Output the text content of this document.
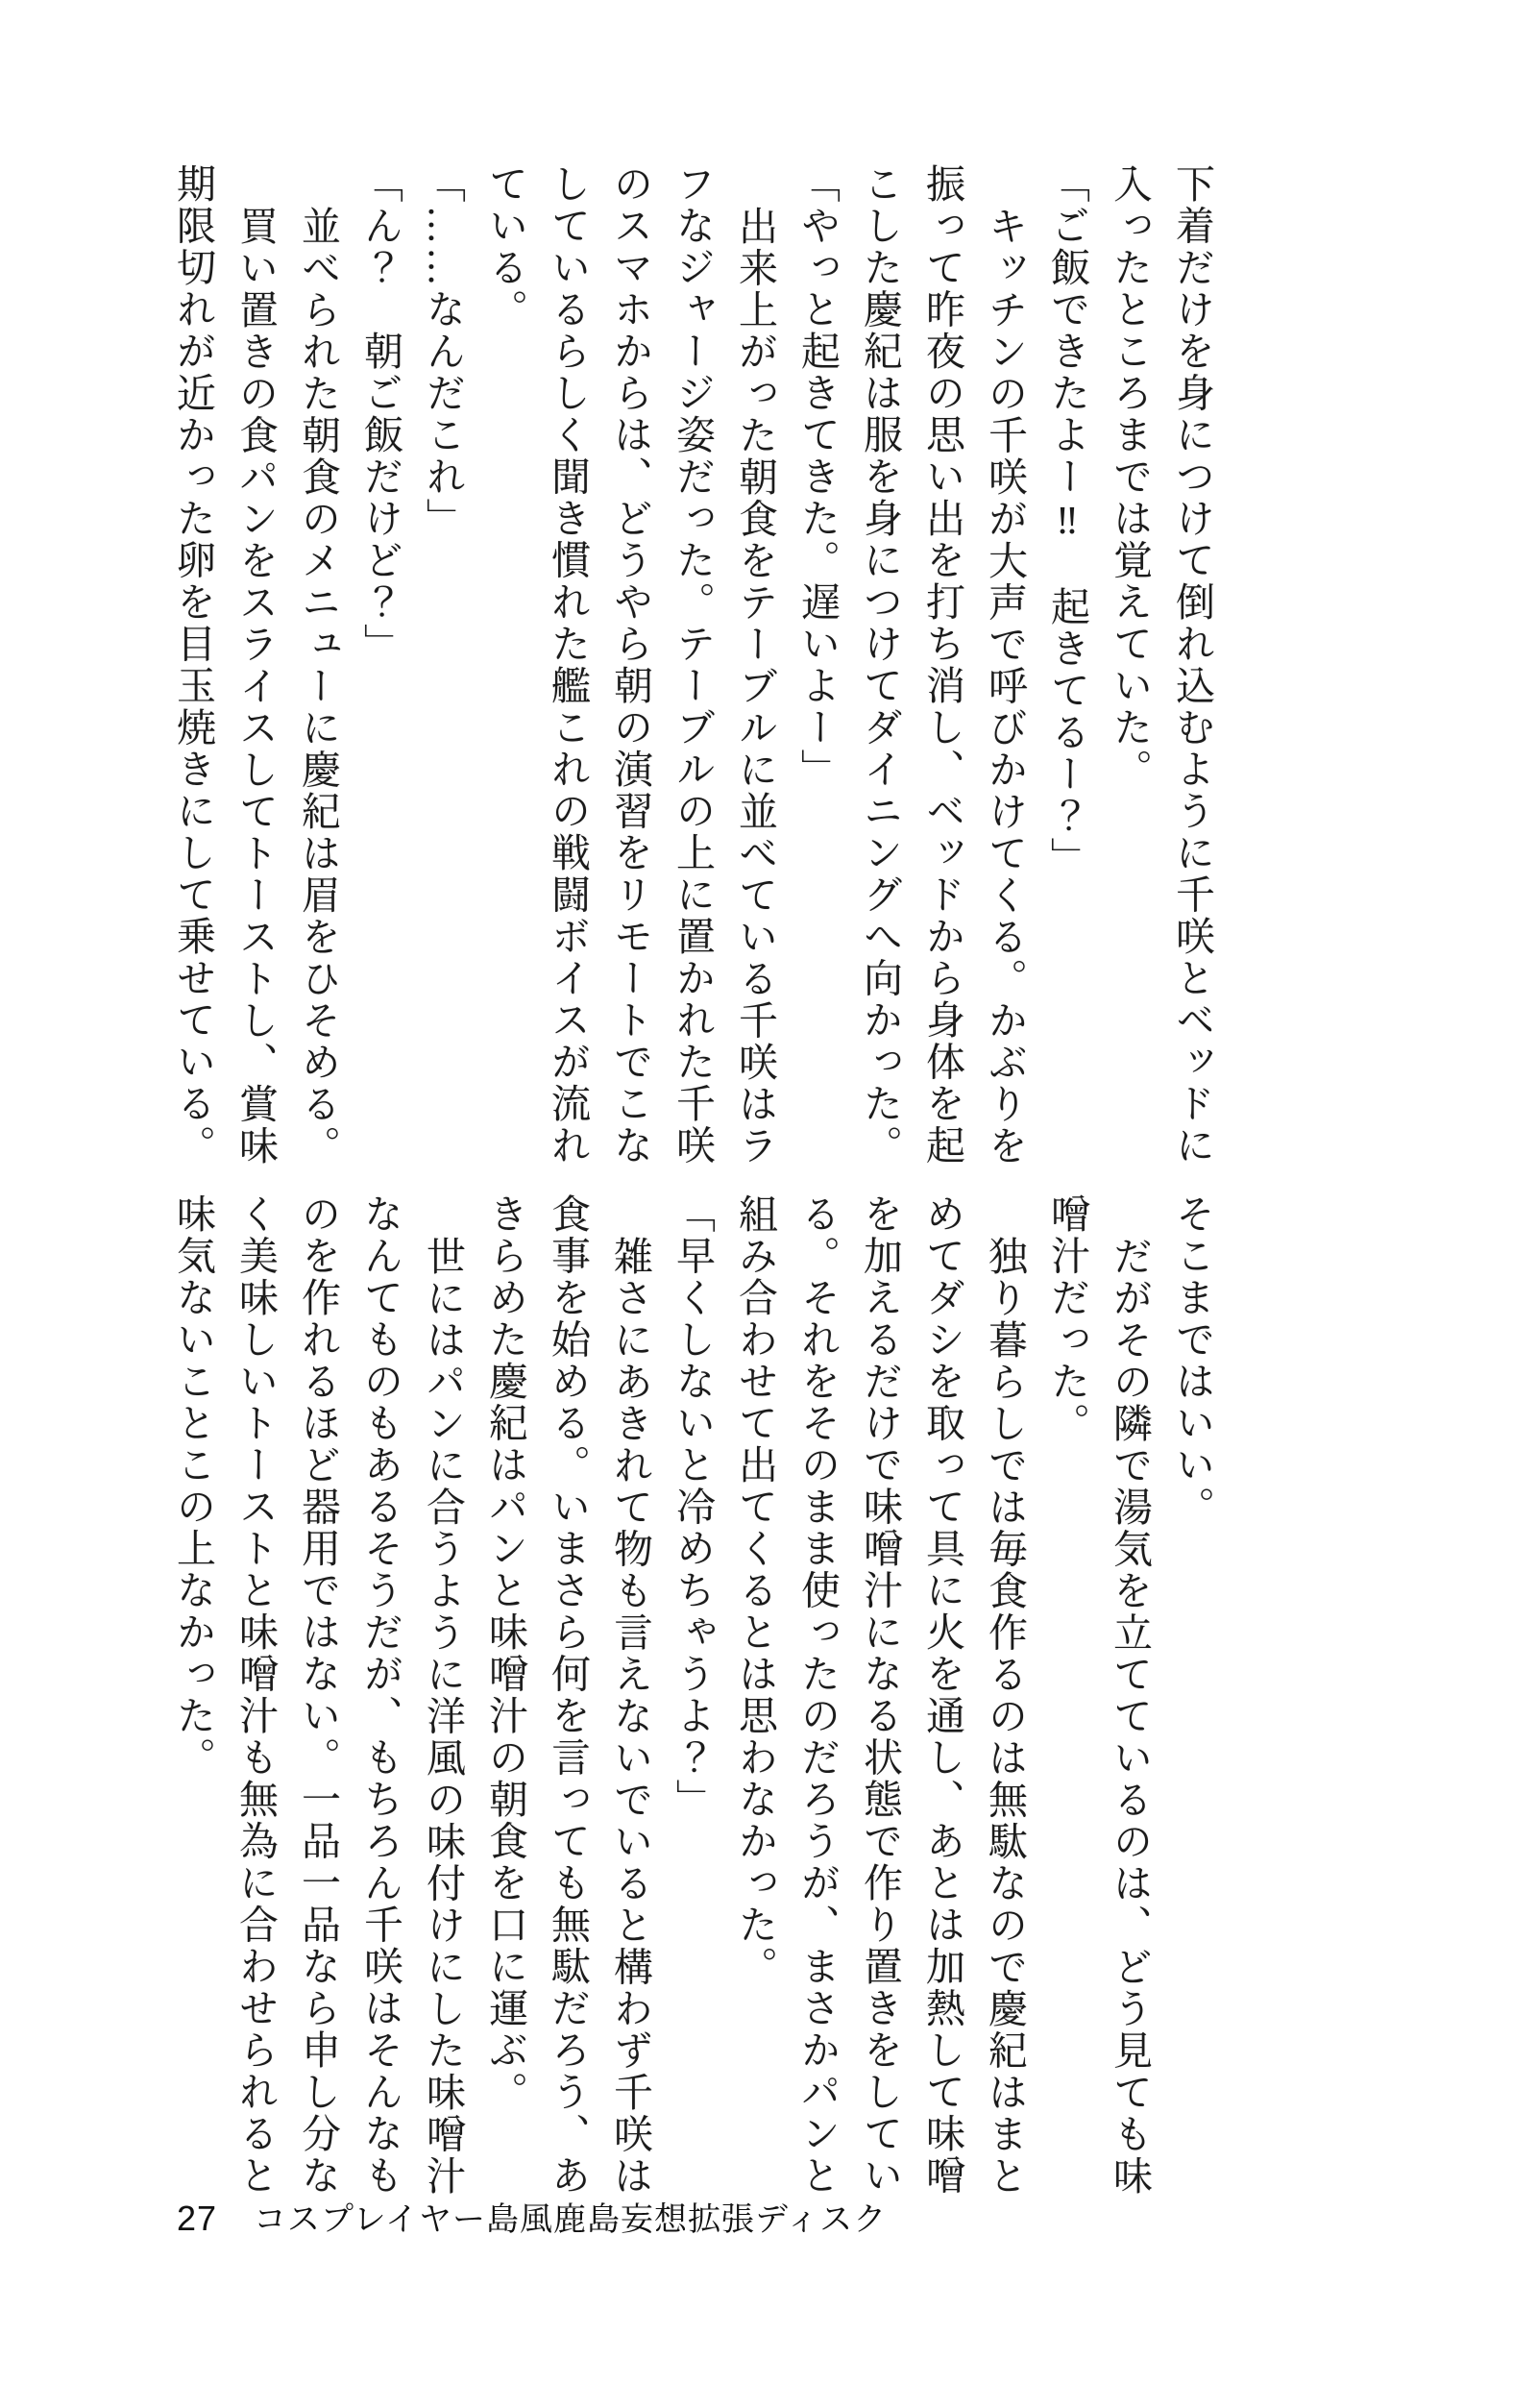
下着だけを身につけて倒れ込むように千咲とベッドに入ったところまでは覚えていた。

「ご飯できたよー‼　起きてるー？」

キッチンの千咲が大声で呼びかけてくる。かぶりを振って昨夜の思い出を打ち消し、ベッドから身体を起こした慶紀は服を身につけてダイニングへ向かった。

「やっと起きてきた。遅いよー」

出来上がった朝食をテーブルに並べている千咲はラフなジャージ姿だった。テーブルの上に置かれた千咲のスマホからは、どうやら朝の演習をリモートでこなしているらしく聞き慣れた艦これの戦闘ボイスが流れている。

「……なんだこれ」

「ん？　朝ご飯だけど？」

並べられた朝食のメニューに慶紀は眉をひそめる。

買い置きの食パンをスライスしてトーストし、賞味期限切れが近かった卵を目玉焼きにして乗せている。

そこまではいい。

だがその隣で湯気を立てているのは、どう見ても味噌汁だった。

独り暮らしでは毎食作るのは無駄なので慶紀はまとめてダシを取って具に火を通し、あとは加熱して味噌を加えるだけで味噌汁になる状態で作り置きをしている。それをそのまま使ったのだろうが、まさかパンと組み合わせて出てくるとは思わなかった。

「早くしないと冷めちゃうよ？」

雑さにあきれて物も言えないでいると構わず千咲は食事を始める。いまさら何を言っても無駄だろう、あきらめた慶紀はパンと味噌汁の朝食を口に運ぶ。

世にはパンに合うように洋風の味付けにした味噌汁なんてものもあるそうだが、もちろん千咲はそんなものを作れるほど器用ではない。一品一品なら申し分なく美味しいトーストと味噌汁も無為に合わせられると味気ないことこの上なかった。

27 コスプレイヤー島風鹿島妄想拡張ディスク
